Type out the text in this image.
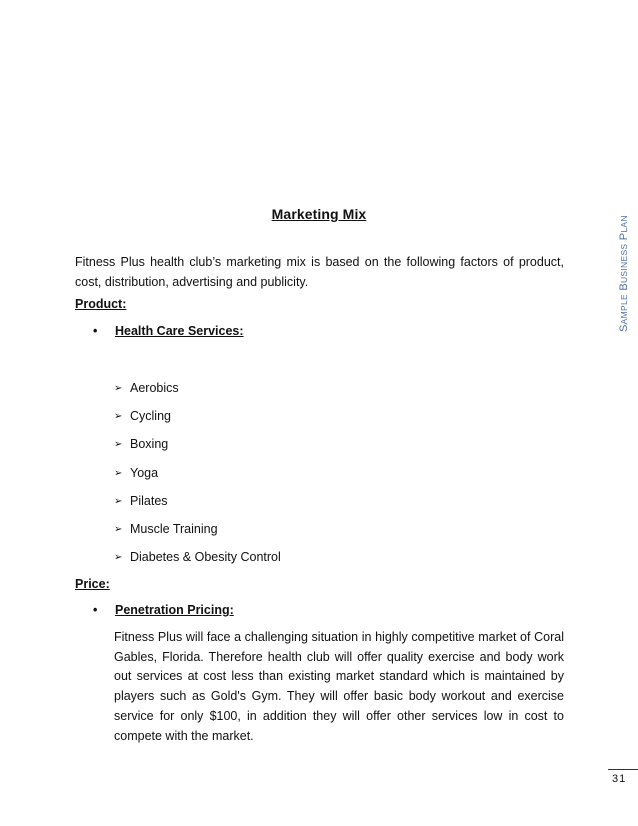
Marketing Mix

Fitness Plus health club’s marketing mix is based on the following factors of product, cost, distribution, advertising and publicity.

Product:
• Health Care Services:
➢ Aerobics
➢ Cycling
➢ Boxing
➢ Yoga
➢ Pilates
➢ Muscle Training
➢ Diabetes & Obesity Control
Price:
• Penetration Pricing:

Fitness Plus will face a challenging situation in highly competitive market of Coral Gables, Florida. Therefore health club will offer quality exercise and body work out services at cost less than existing market standard which is maintained by players such as Gold's Gym. They will offer basic body workout and exercise service for only $100, in addition they will offer other services low in cost to compete with the market.

SAMPLE BUSINESS PLAN
31
